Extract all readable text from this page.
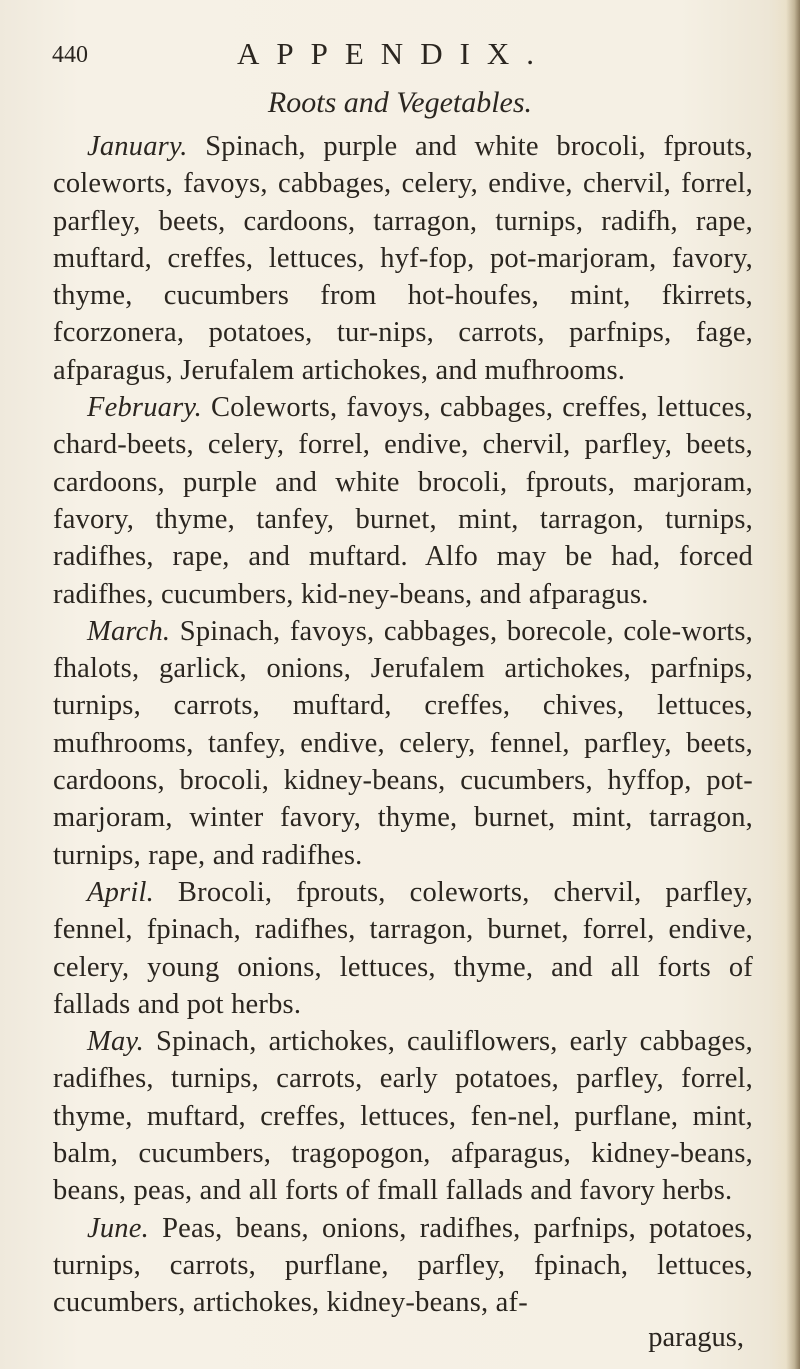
440	APPENDIX.
Roots and Vegetables.

January. Spinach, purple and white brocoli, fprouts, coleworts, favoys, cabbages, celery, endive, chervil, forrel, parfley, beets, cardoons, tarragon, turnips, radifh, rape, muftard, creffes, lettuces, hyf-fop, pot-marjoram, favory, thyme, cucumbers from hot-houfes, mint, fkirrets, fcorzonera, potatoes, tur-nips, carrots, parfnips, fage, afparagus, Jerufalem artichokes, and mufhrooms.

February. Coleworts, favoys, cabbages, creffes, lettuces, chard-beets, celery, forrel, endive, chervil, parfley, beets, cardoons, purple and white brocoli, fprouts, marjoram, favory, thyme, tanfey, burnet, mint, tarragon, turnips, radifhes, rape, and muftard. Alfo may be had, forced radifhes, cucumbers, kid-ney-beans, and afparagus.

March. Spinach, favoys, cabbages, borecole, cole-worts, fhalots, garlick, onions, Jerufalem artichokes, parfnips, turnips, carrots, muftard, creffes, chives, lettuces, mufhrooms, tanfey, endive, celery, fennel, parfley, beets, cardoons, brocoli, kidney-beans, cucumbers, hyffop, pot-marjoram, winter favory, thyme, burnet, mint, tarragon, turnips, rape, and radifhes.

April. Brocoli, fprouts, coleworts, chervil, parfley, fennel, fpinach, radifhes, tarragon, burnet, forrel, endive, celery, young onions, lettuces, thyme, and all forts of fallads and pot herbs.

May. Spinach, artichokes, cauliflowers, early cabbages, radifhes, turnips, carrots, early potatoes, parfley, forrel, thyme, muftard, creffes, lettuces, fen-nel, purflane, mint, balm, cucumbers, tragopogon, afparagus, kidney-beans, beans, peas, and all forts of fmall fallads and favory herbs.

June. Peas, beans, onions, radifhes, parfnips, potatoes, turnips, carrots, purflane, parfley, fpinach, lettuces, cucumbers, artichokes, kidney-beans, af-

paragus,
